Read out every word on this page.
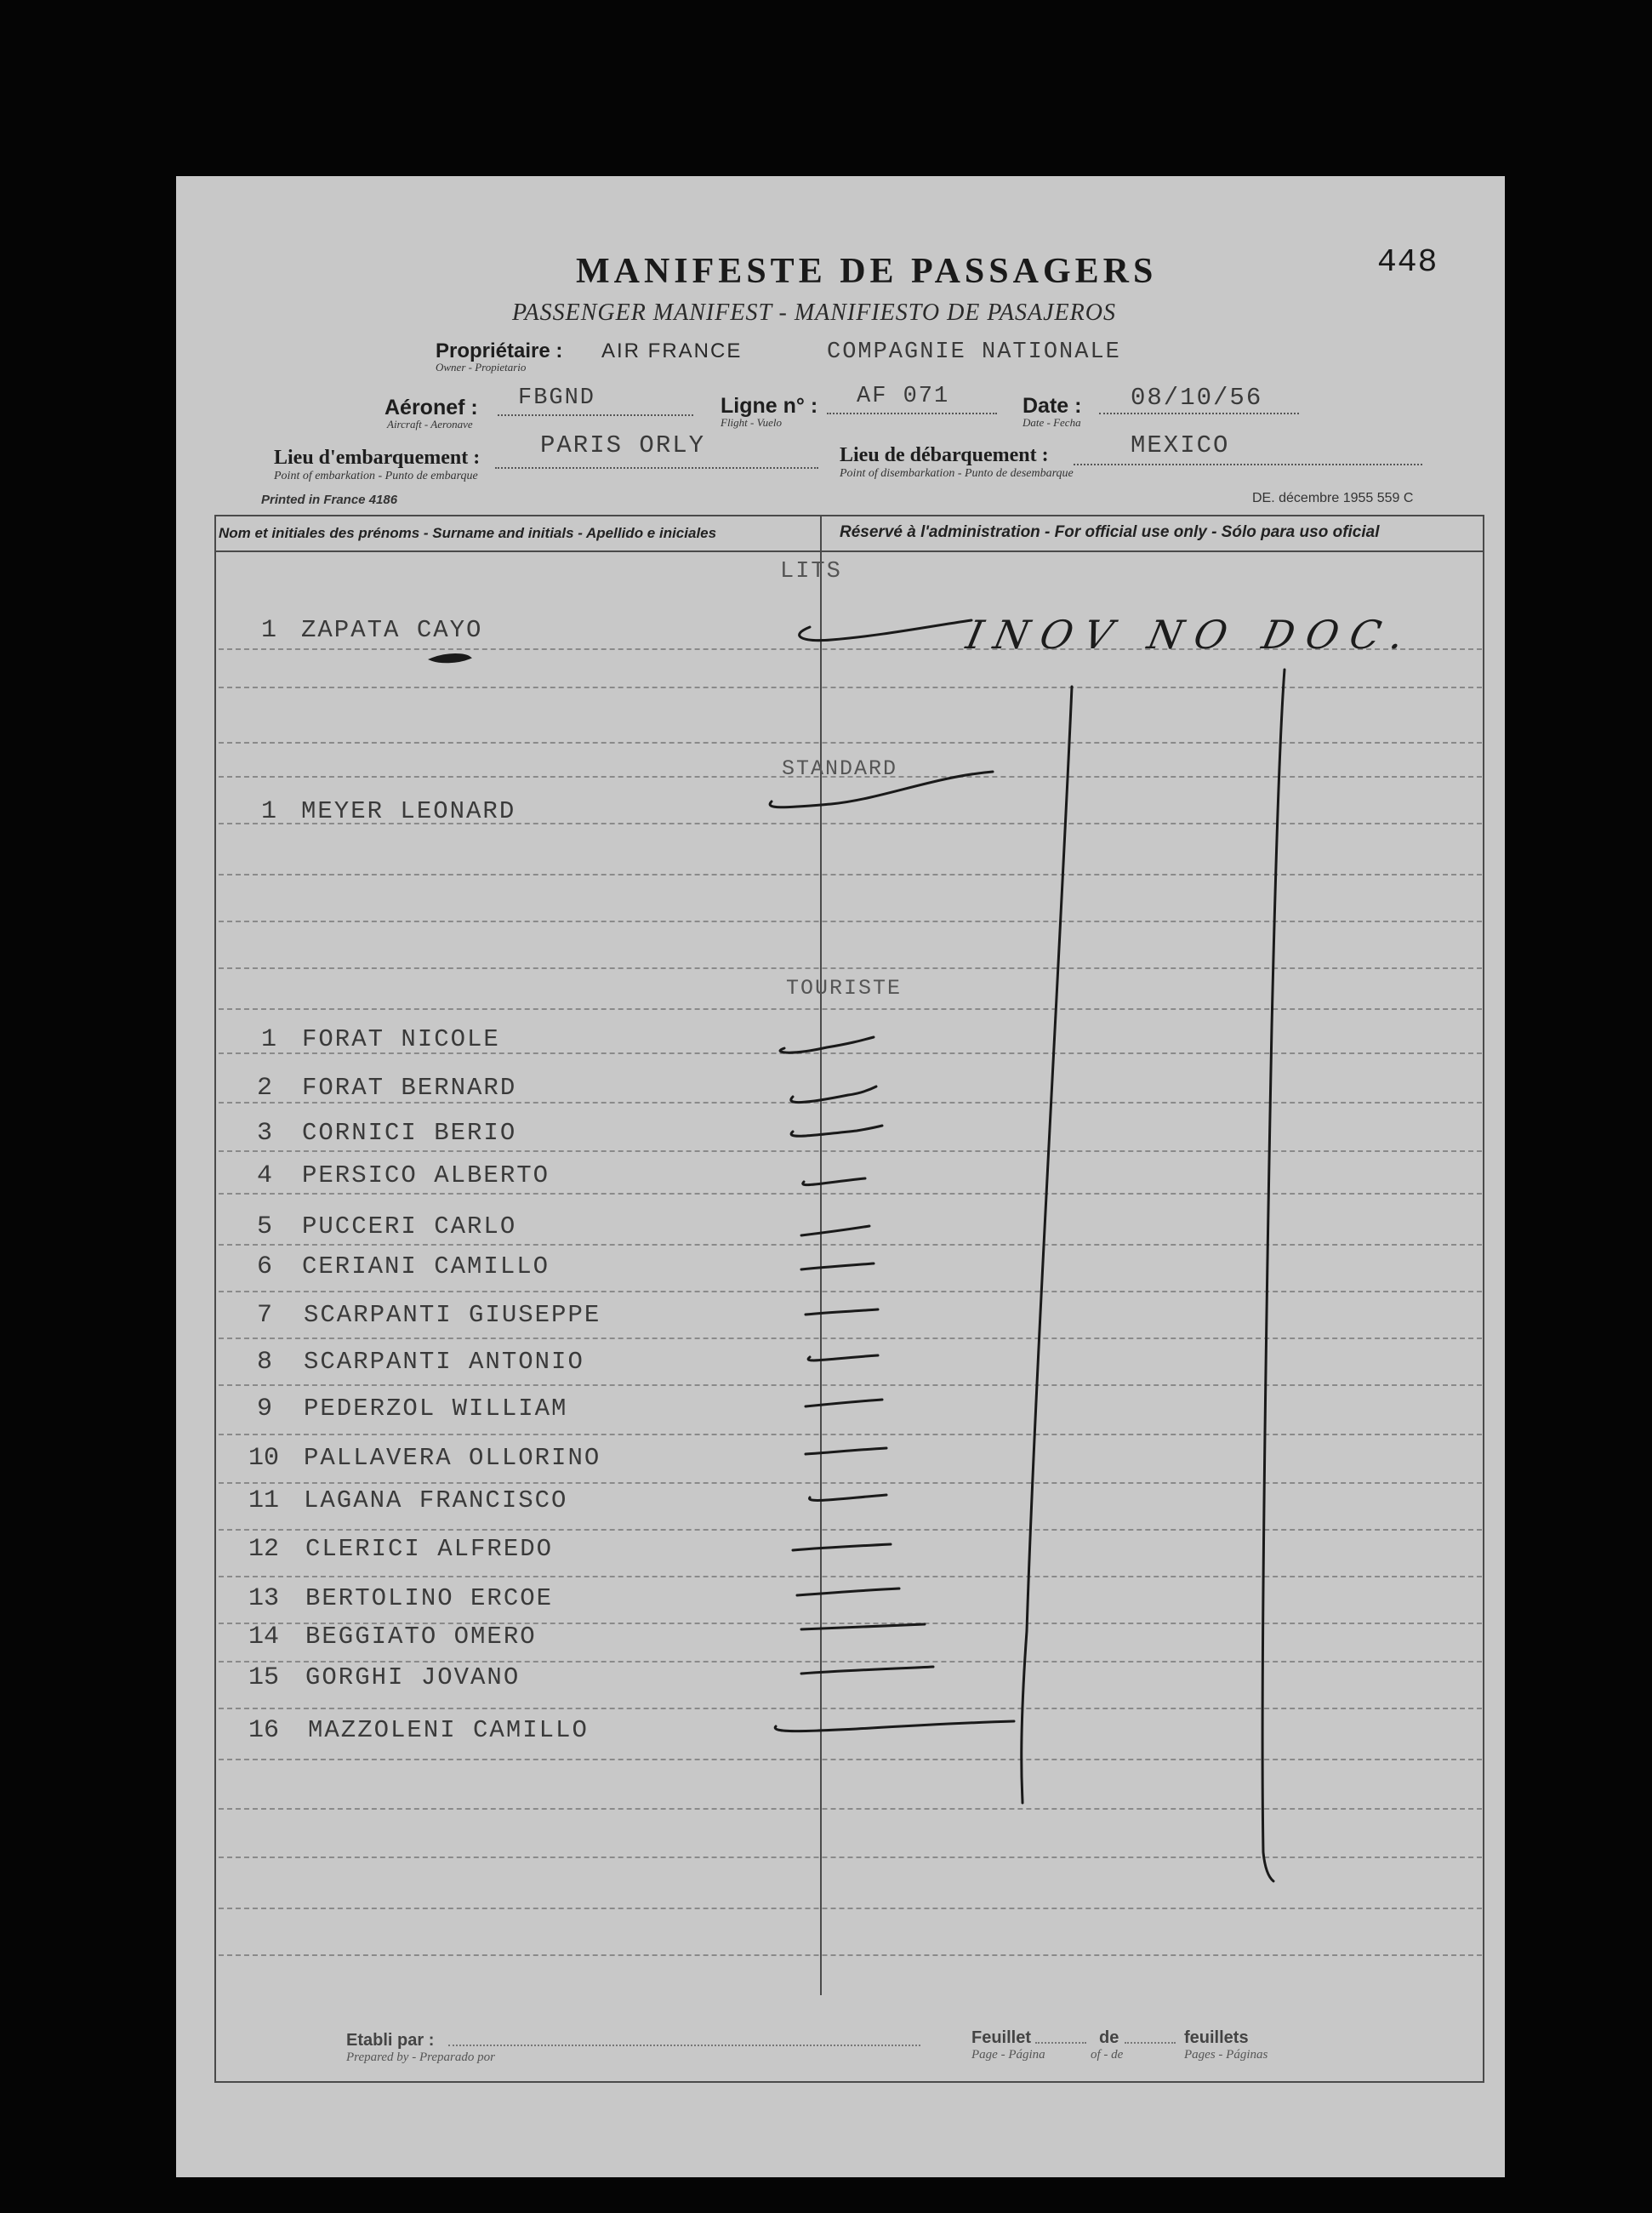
448
MANIFESTE DE PASSAGERS
PASSENGER MANIFEST - MANIFIESTO DE PASAJEROS
Propriétaire :
Owner - Propietario
AIR FRANCE	COMPAGNIE NATIONALE
Aéronef :
Aircraft - Aeronave
FBGND	Ligne n° :
Flight - Vuelo
AF 071	Date :
Date - Fecha
08/10/56
Lieu d'embarquement :
Point of embarkation - Punto de embarque
PARIS ORLY	Lieu de débarquement :
Point of disembarkation - Punto de desembarque
MEXICO
Printed in France 4186	DE. décembre 1955 559 C
Nom et initiales des prénoms - Surname and initials - Apellido e iniciales	Réservé à l'administration - For official use only - Sólo para uso oficial
LITS
STANDARD
TOURISTE
1 ZAPATA CAYO
1 MEYER LEONARD
1 FORAT NICOLE
2 FORAT BERNARD
3 CORNICI BERIO
4 PERSICO ALBERTO
5 PUCCERI CARLO
6 CERIANI CAMILLO
7 SCARPANTI GIUSEPPE
8 SCARPANTI ANTONIO
9 PEDERZOL WILLIAM
10 PALLAVERA OLLORINO
11 LAGANA FRANCISCO
12 CLERICI ALFREDO
13 BERTOLINO ERCOE
14 BEGGIATO OMERO
15 GORGHI JOVANO
16 MAZZOLENI CAMILLO
INOV NO DOC.
Etabli par :
Prepared by - Preparado por
Feuillet
Page - Página
de
of - de
feuillets
Pages - Páginas
